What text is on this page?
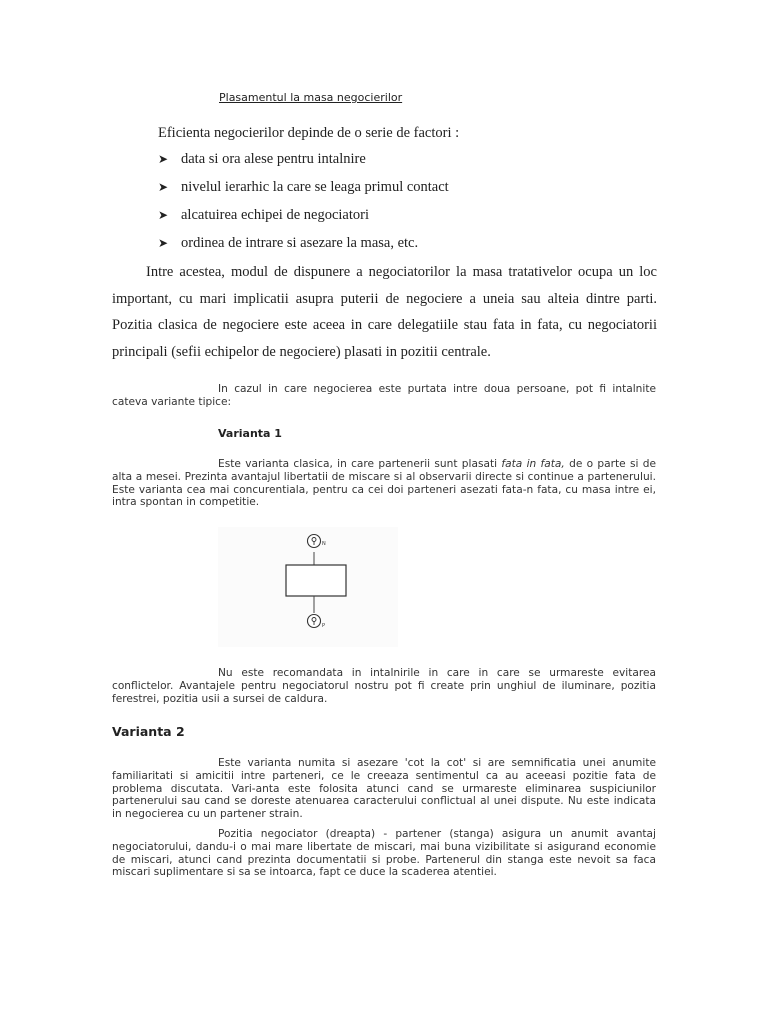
Plasamentul la masa negocierilor
Eficienta negocierilor depinde de o serie de factori :
➤ data si ora alese pentru intalnire
➤ nivelul ierarhic la care se leaga primul contact
➤ alcatuirea echipei de negociatori
➤ ordinea de intrare si asezare la masa, etc.

Intre acestea, modul de dispunere a negociatorilor la masa tratativelor ocupa un loc important, cu mari implicatii asupra puterii de negociere a uneia sau alteia dintre parti. Pozitia clasica de negociere este aceea in care delegatiile stau fata in fata, cu negociatorii principali (sefii echipelor de negociere) plasati in pozitii centrale.

In cazul in care negocierea este purtata intre doua persoane, pot fi intalnite cateva variante tipice:

Varianta 1

Este varianta clasica, in care partenerii sunt plasati fata in fata, de o parte si de alta a mesei. Prezinta avantajul libertatii de miscare si al observarii directe si continue a partenerului. Este varianta cea mai concurentiala, pentru ca cei doi parteneri asezati fata-n fata, cu masa intre ei, intra spontan in competitie.

N
P

Nu este recomandata in intalnirile in care in care se urmareste evitarea conflictelor. Avantajele pentru negociatorul nostru pot fi create prin unghiul de iluminare, pozitia ferestrei, pozitia usii a sursei de caldura.

Varianta 2

Este varianta numita si asezare 'cot la cot' si are semnificatia unei anumite familiaritati si amicitii intre parteneri, ce le creeaza sentimentul ca au aceeasi pozitie fata de problema discutata. Vari-anta este folosita atunci cand se urmareste eliminarea suspiciunilor partenerului sau cand se doreste atenuarea caracterului conflictual al unei dispute. Nu este indicata in negocierea cu un partener strain.

Pozitia negociator (dreapta) - partener (stanga) asigura un anumit avantaj negociatorului, dandu-i o mai mare libertate de miscari, mai buna vizibilitate si asigurand economie de miscari, atunci cand prezinta documentatii si probe. Partenerul din stanga este nevoit sa faca miscari suplimentare si sa se intoarca, fapt ce duce la scaderea atentiei.
